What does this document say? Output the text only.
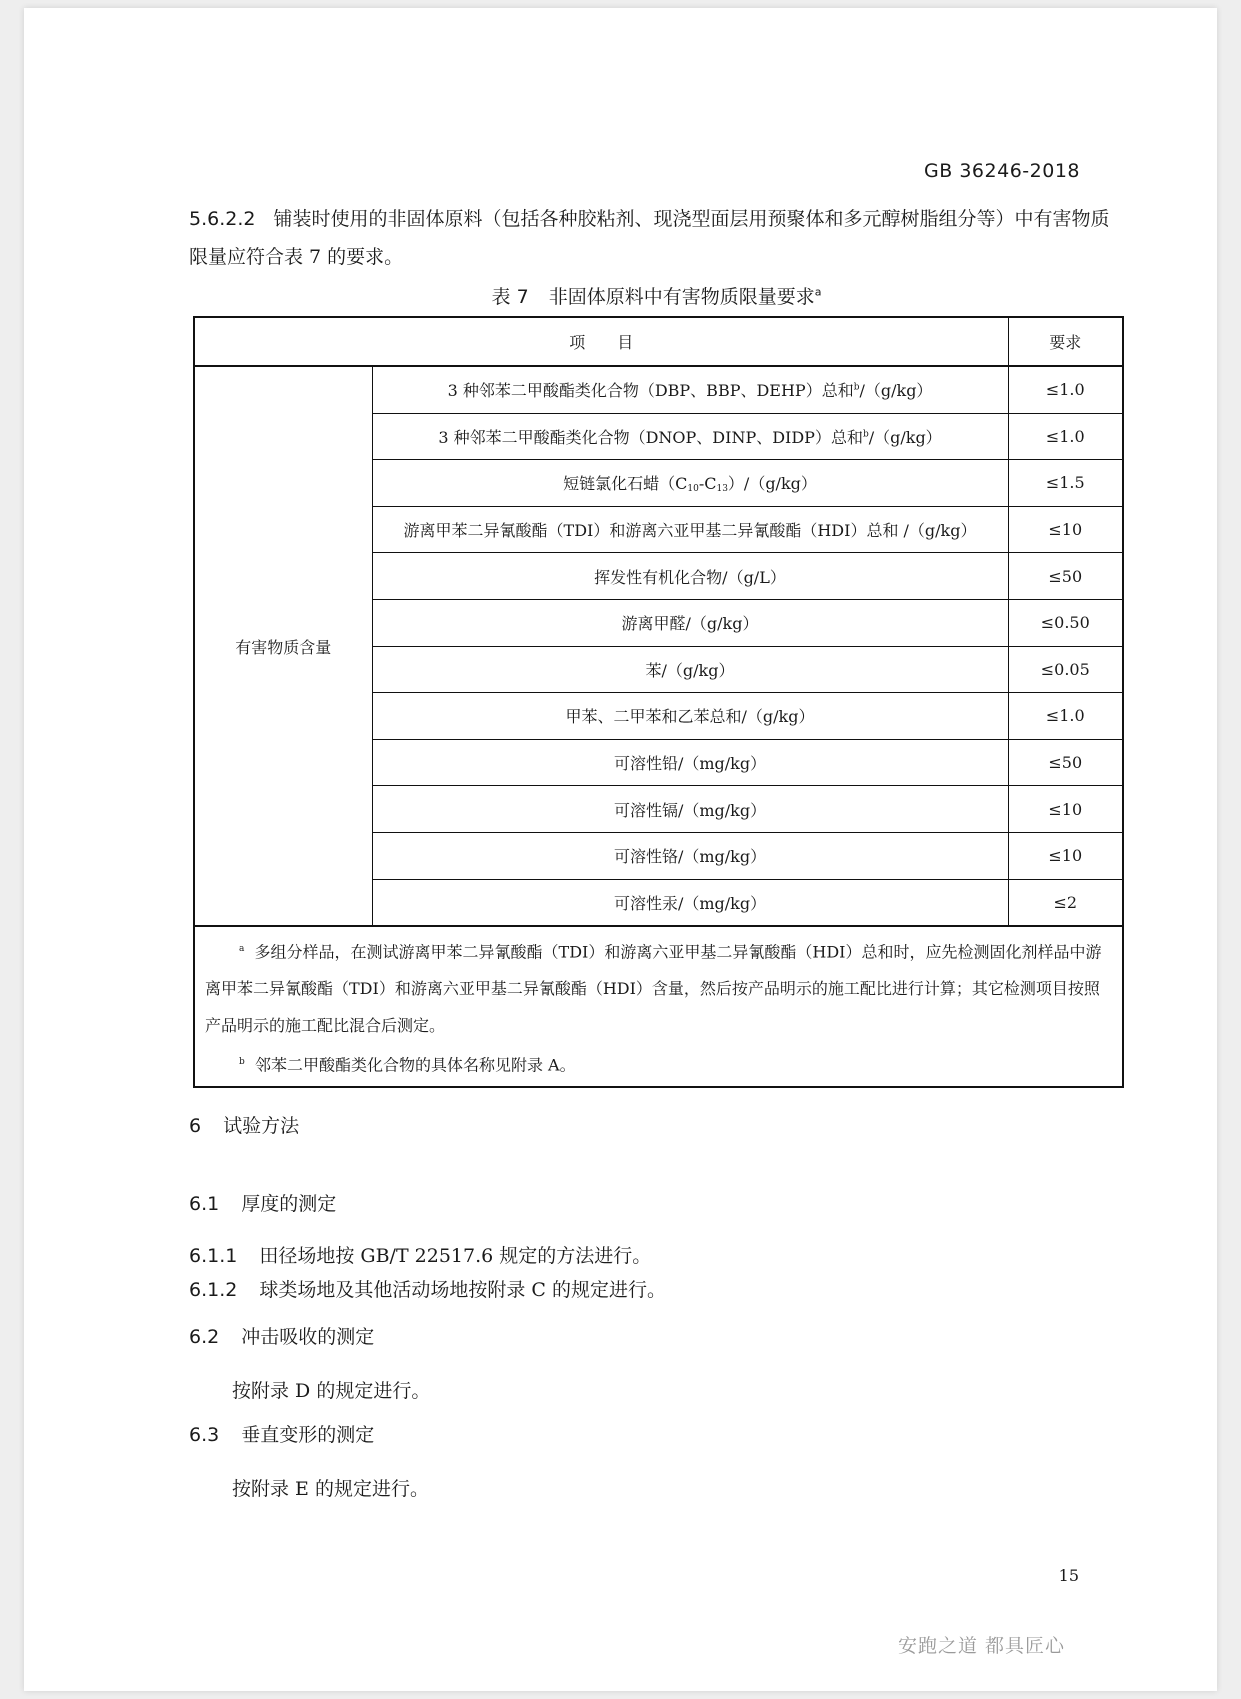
GB 36246-2018
5.6.2.2 铺装时使用的非固体原料（包括各种胶粘剂、现浇型面层用预聚体和多元醇树脂组分等）中有害物质限量应符合表 7 的要求。
表 7 非固体原料中有害物质限量要求$^a$
项　　目		要求
有害物质含量	3 种邻苯二甲酸酯类化合物（DBP、BBP、DEHP）总和$^b$/（g/kg）	≤1.0
	3 种邻苯二甲酸酯类化合物（DNOP、DINP、DIDP）总和$^b$/（g/kg）	≤1.0
	短链氯化石蜡$(C_{10}-C_{13})/(g/kg)$	≤1.5
	游离甲苯二异氰酸酯（TDI）和游离六亚甲基二异氰酸酯（HDI）总和 /（g/kg）	≤10
	挥发性有机化合物/（g/L）	≤50
	游离甲醛/（g/kg）	≤0.50
	苯/（g/kg）	≤0.05
	甲苯、二甲苯和乙苯总和/（g/kg）	≤1.0
	可溶性铅/（mg/kg）	≤50
	可溶性镉/（mg/kg）	≤10
	可溶性铬/（mg/kg）	≤10
	可溶性汞/（mg/kg）	≤2

$^a$ 多组分样品，在测试游离甲苯二异氰酸酯（TDI）和游离六亚甲基二异氰酸酯（HDI）总和时，应先检测固化剂样品中游离甲苯二异氰酸酯（TDI）和游离六亚甲基二异氰酸酯（HDI）含量，然后按产品明示的施工配比进行计算；其它检测项目按照产品明示的施工配比混合后测定。
$^b$ 邻苯二甲酸酯类化合物的具体名称见附录 A。		
6 试验方法
6.1 厚度的测定
6.1.1 田径场地按 GB/T 22517.6 规定的方法进行。
6.1.2 球类场地及其他活动场地按附录 C 的规定进行。
6.2 冲击吸收的测定
按附录 D 的规定进行。
6.3 垂直变形的测定
按附录 E 的规定进行。
15
安跑之道 都具匠心
